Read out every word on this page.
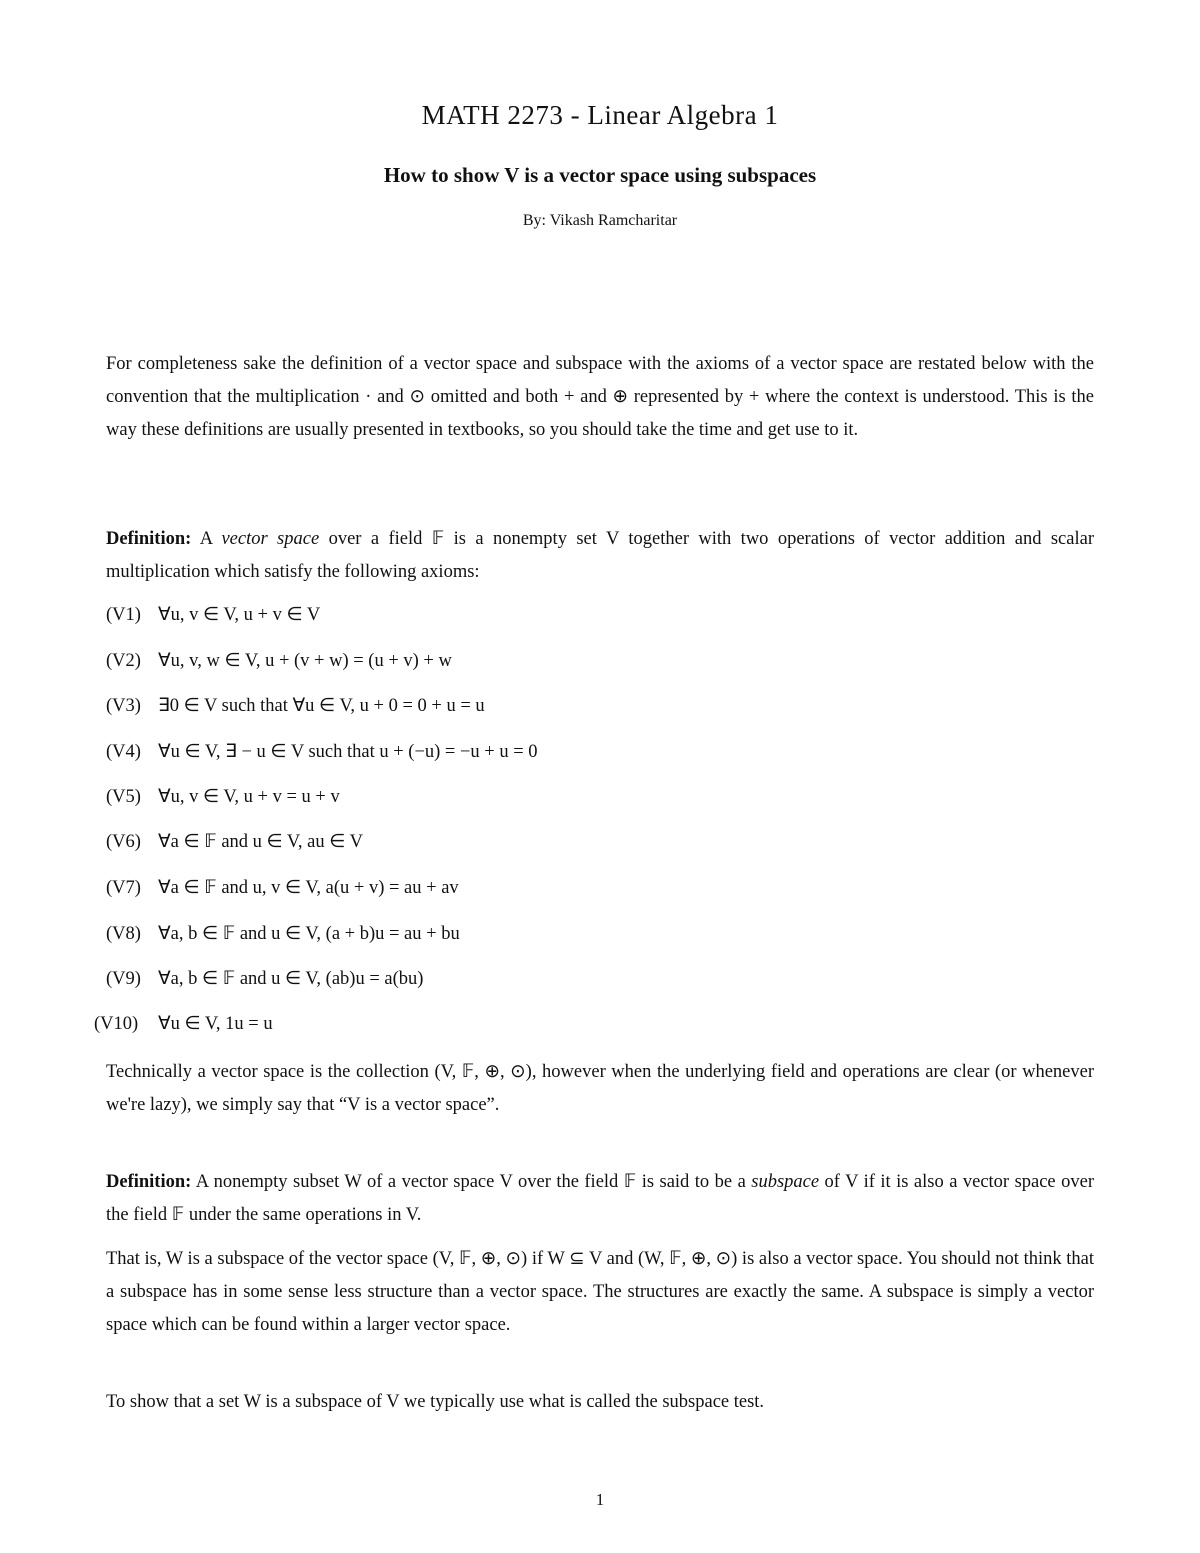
MATH 2273 - Linear Algebra 1
How to show V is a vector space using subspaces
By: Vikash Ramcharitar
For completeness sake the definition of a vector space and subspace with the axioms of a vector space are restated below with the convention that the multiplication · and ⊙ omitted and both + and ⊕ represented by + where the context is understood. This is the way these definitions are usually presented in textbooks, so you should take the time and get use to it.
Definition: A vector space over a field 𝔽 is a nonempty set V together with two operations of vector addition and scalar multiplication which satisfy the following axioms:
(V1) ∀u, v ∈ V, u + v ∈ V
(V2) ∀u, v, w ∈ V, u + (v + w) = (u + v) + w
(V3) ∃0 ∈ V such that ∀u ∈ V, u + 0 = 0 + u = u
(V4) ∀u ∈ V, ∃ − u ∈ V such that u + (−u) = −u + u = 0
(V5) ∀u, v ∈ V, u + v = u + v
(V6) ∀a ∈ 𝔽 and u ∈ V, au ∈ V
(V7) ∀a ∈ 𝔽 and u, v ∈ V, a(u + v) = au + av
(V8) ∀a, b ∈ 𝔽 and u ∈ V, (a + b)u = au + bu
(V9) ∀a, b ∈ 𝔽 and u ∈ V, (ab)u = a(bu)
(V10) ∀u ∈ V, 1u = u
Technically a vector space is the collection (V, 𝔽, ⊕, ⊙), however when the underlying field and operations are clear (or whenever we're lazy), we simply say that “V is a vector space”.
Definition: A nonempty subset W of a vector space V over the field 𝔽 is said to be a subspace of V if it is also a vector space over the field 𝔽 under the same operations in V.
That is, W is a subspace of the vector space (V, 𝔽, ⊕, ⊙) if W ⊆ V and (W, 𝔽, ⊕, ⊙) is also a vector space. You should not think that a subspace has in some sense less structure than a vector space. The structures are exactly the same. A subspace is simply a vector space which can be found within a larger vector space.
To show that a set W is a subspace of V we typically use what is called the subspace test.
1
